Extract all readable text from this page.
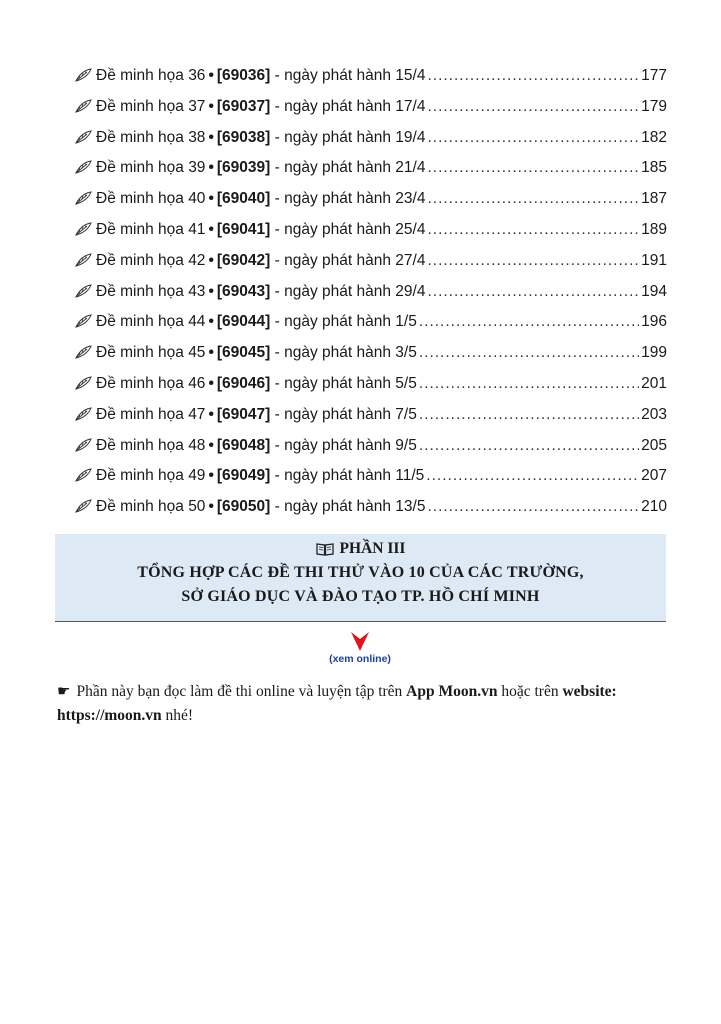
Đề minh họa 36 • [69036] - ngày phát hành 15/4 .....	177
Đề minh họa 37 • [69037] - ngày phát hành 17/4 .....	179
Đề minh họa 38 • [69038] - ngày phát hành 19/4 .....	182
Đề minh họa 39 • [69039] - ngày phát hành 21/4 .....	185
Đề minh họa 40 • [69040] - ngày phát hành 23/4 .....	187
Đề minh họa 41 • [69041] - ngày phát hành 25/4 .....	189
Đề minh họa 42 • [69042] - ngày phát hành 27/4 .....	191
Đề minh họa 43 • [69043] - ngày phát hành 29/4 .....	194
Đề minh họa 44 • [69044] - ngày phát hành 1/5 .....	196
Đề minh họa 45 • [69045] - ngày phát hành 3/5 .....	199
Đề minh họa 46 • [69046] - ngày phát hành 5/5 .....	201
Đề minh họa 47 • [69047] - ngày phát hành 7/5 .....	203
Đề minh họa 48 • [69048] - ngày phát hành 9/5 .....	205
Đề minh họa 49 • [69049] - ngày phát hành 11/5 .....	207
Đề minh họa 50 • [69050] - ngày phát hành 13/5 .....	210
PHẦN III
TỔNG HỢP CÁC ĐỀ THI THỬ VÀO 10 CỦA CÁC TRƯỜNG,
SỞ GIÁO DỤC VÀ ĐÀO TẠO TP. HỒ CHÍ MINH
(xem online)
☛ Phần này bạn đọc làm đề thi online và luyện tập trên App Moon.vn hoặc trên website: https://moon.vn nhé!
